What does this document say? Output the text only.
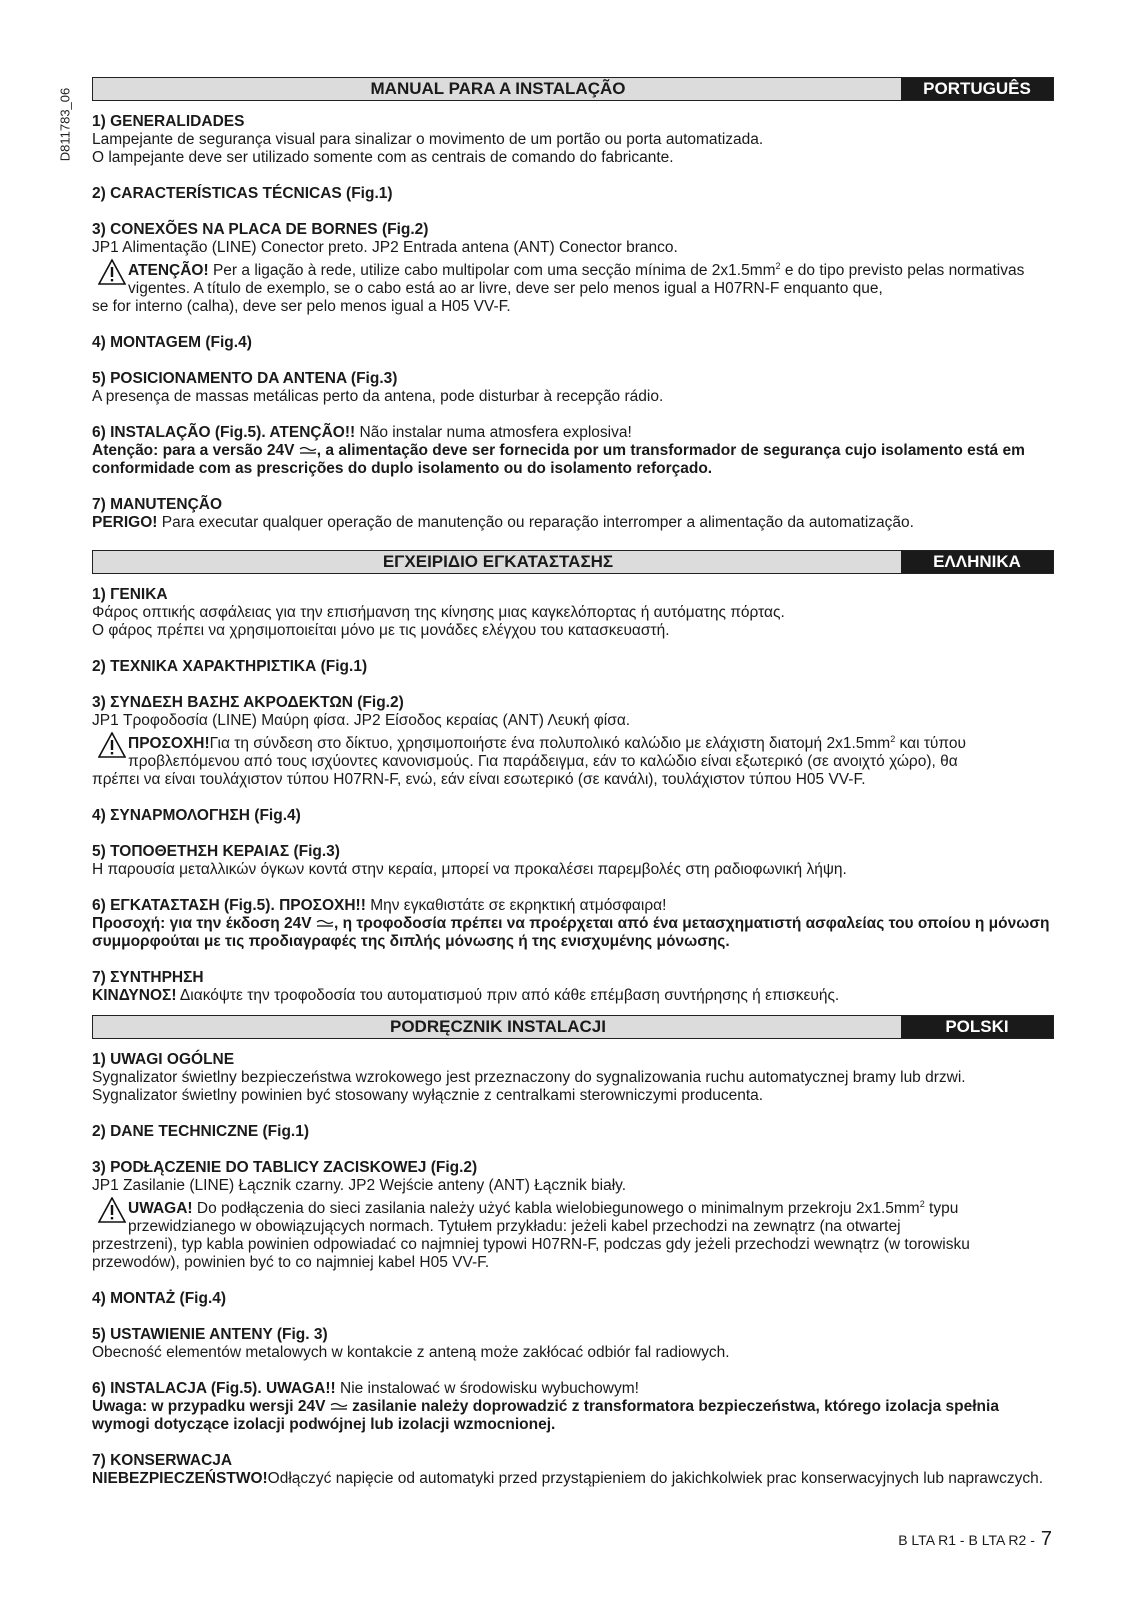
D811783_06	MANUAL PARA A INSTALAÇÃO	PORTUGUÊS
1) GENERALIDADES
Lampejante de segurança visual para sinalizar o movimento de um portão ou porta automatizada.
O lampejante deve ser utilizado somente com as centrais de comando do fabricante.
2) CARACTERÍSTICAS TÉCNICAS (Fig.1)
3) CONEXÕES NA PLACA DE BORNES (Fig.2)
JP1 Alimentação (LINE) Conector preto. JP2 Entrada antena (ANT) Conector branco.
ATENÇÃO! Per a ligação à rede, utilize cabo multipolar com uma secção mínima de $2x1.5mm^2$ e do tipo previsto pelas normativas vigentes. A título de exemplo, se o cabo está ao ar livre, deve ser pelo menos igual a H07RN-F enquanto que,
se for interno (calha), deve ser pelo menos igual a H05 VV-F.
4) MONTAGEM (Fig.4)
5) POSICIONAMENTO DA ANTENA (Fig.3)
A presença de massas metálicas perto da antena, pode disturbar à recepção rádio.
6) INSTALAÇÃO (Fig.5). ATENÇÃO!! Não instalar numa atmosfera explosiva!
Atenção: para a versão 24V , a alimentação deve ser fornecida por um transformador de segurança cujo isolamento está em conformidade com as prescrições do duplo isolamento ou do isolamento reforçado.
7) MANUTENÇÃO
PERIGO! Para executar qualquer operação de manutenção ou reparação interromper a alimentação da automatização.
ΕΓΧΕΙΡΙΔΙΟ ΕΓΚΑΤΑΣΤΑΣΗΣ	ΕΛΛΗΝΙΚΑ
1) ΓΕΝΙΚΑ
Φάρος οπτικής ασφάλειας για την επισήμανση της κίνησης μιας καγκελόπορτας ή αυτόματης πόρτας.
Ο φάρος πρέπει να χρησιμοποιείται μόνο με τις μονάδες ελέγχου του κατασκευαστή.
2) ΤΕΧΝΙΚΑ ΧΑΡΑΚΤΗΡΙΣΤΙΚΑ (Fig.1)
3) ΣΥΝΔΕΣΗ ΒΑΣΗΣ ΑΚΡΟΔΕΚΤΩΝ (Fig.2)
JP1 Τροφοδοσία (LINE) Μαύρη φίσα. JP2 Είσοδος κεραίας (ANT) Λευκή φίσα.
ΠΡΟΣΟΧΗ!Για τη σύνδεση στο δίκτυο, χρησιμοποιήστε ένα πολυπολικό καλώδιο με ελάχιστη διατομή $2x1.5mm^2$ και τύπου προβλεπόμενου από τους ισχύοντες κανονισμούς. Για παράδειγμα, εάν το καλώδιο είναι εξωτερικό (σε ανοιχτό χώρο), θα
πρέπει να είναι τουλάχιστον τύπου H07RN-F, ενώ, εάν είναι εσωτερικό (σε κανάλι), τουλάχιστον τύπου H05 VV-F.
4) ΣΥΝΑΡΜΟΛΟΓΗΣΗ (Fig.4)
5) ΤΟΠΟΘΕΤΗΣΗ ΚΕΡΑΙΑΣ (Fig.3)
Η παρουσία μεταλλικών όγκων κοντά στην κεραία, μπορεί να προκαλέσει παρεμβολές στη ραδιοφωνική λήψη.
6) ΕΓΚΑΤΑΣΤΑΣΗ (Fig.5). ΠΡΟΣΟΧΗ!! Μην εγκαθιστάτε σε εκρηκτική ατμόσφαιρα!
Προσοχή: για την έκδοση 24V , η τροφοδοσία πρέπει να προέρχεται από ένα μετασχηματιστή ασφαλείας του οποίου η μόνωση συμμορφούται με τις προδιαγραφές της διπλής μόνωσης ή της ενισχυμένης μόνωσης.
7) ΣΥΝΤΗΡΗΣΗ
ΚΙΝΔΥΝΟΣ! Διακόψτε την τροφοδοσία του αυτοματισμού πριν από κάθε επέμβαση συντήρησης ή επισκευής.
PODRĘCZNIK INSTALACJI	POLSKI
1) UWAGI OGÓLNE
Sygnalizator świetlny bezpieczeństwa wzrokowego jest przeznaczony do sygnalizowania ruchu automatycznej bramy lub drzwi.
Sygnalizator świetlny powinien być stosowany wyłącznie z centralkami sterowniczymi producenta.
2) DANE TECHNICZNE (Fig.1)
3) PODŁĄCZENIE DO TABLICY ZACISKOWEJ (Fig.2)
JP1 Zasilanie (LINE) Łącznik czarny. JP2 Wejście anteny (ANT) Łącznik biały.
UWAGA! Do podłączenia do sieci zasilania należy użyć kabla wielobiegunowego o minimalnym przekroju $2x1.5mm^2$ typu przewidzianego w obowiązujących normach. Tytułem przykładu: jeżeli kabel przechodzi na zewnątrz (na otwartej
przestrzeni), typ kabla powinien odpowiadać co najmniej typowi H07RN-F, podczas gdy jeżeli przechodzi wewnątrz (w torowisku przewodów), powinien być to co najmniej kabel H05 VV-F.
4) MONTAŻ (Fig.4)
5) USTAWIENIE ANTENY (Fig. 3)
Obecność elementów metalowych w kontakcie z anteną może zakłócać odbiór fal radiowych.
6) INSTALACJA (Fig.5). UWAGA!! Nie instalować w środowisku wybuchowym!
Uwaga: w przypadku wersji 24V  zasilanie należy doprowadzić z transformatora bezpieczeństwa, którego izolacja spełnia wymogi dotyczące izolacji podwójnej lub izolacji wzmocnionej.
7) KONSERWACJA
NIEBEZPIECZEŃSTWO!Odłączyć napięcie od automatyki przed przystąpieniem do jakichkolwiek prac konserwacyjnych lub naprawczych.
B LTA R1 - B LTA R2 - 7
